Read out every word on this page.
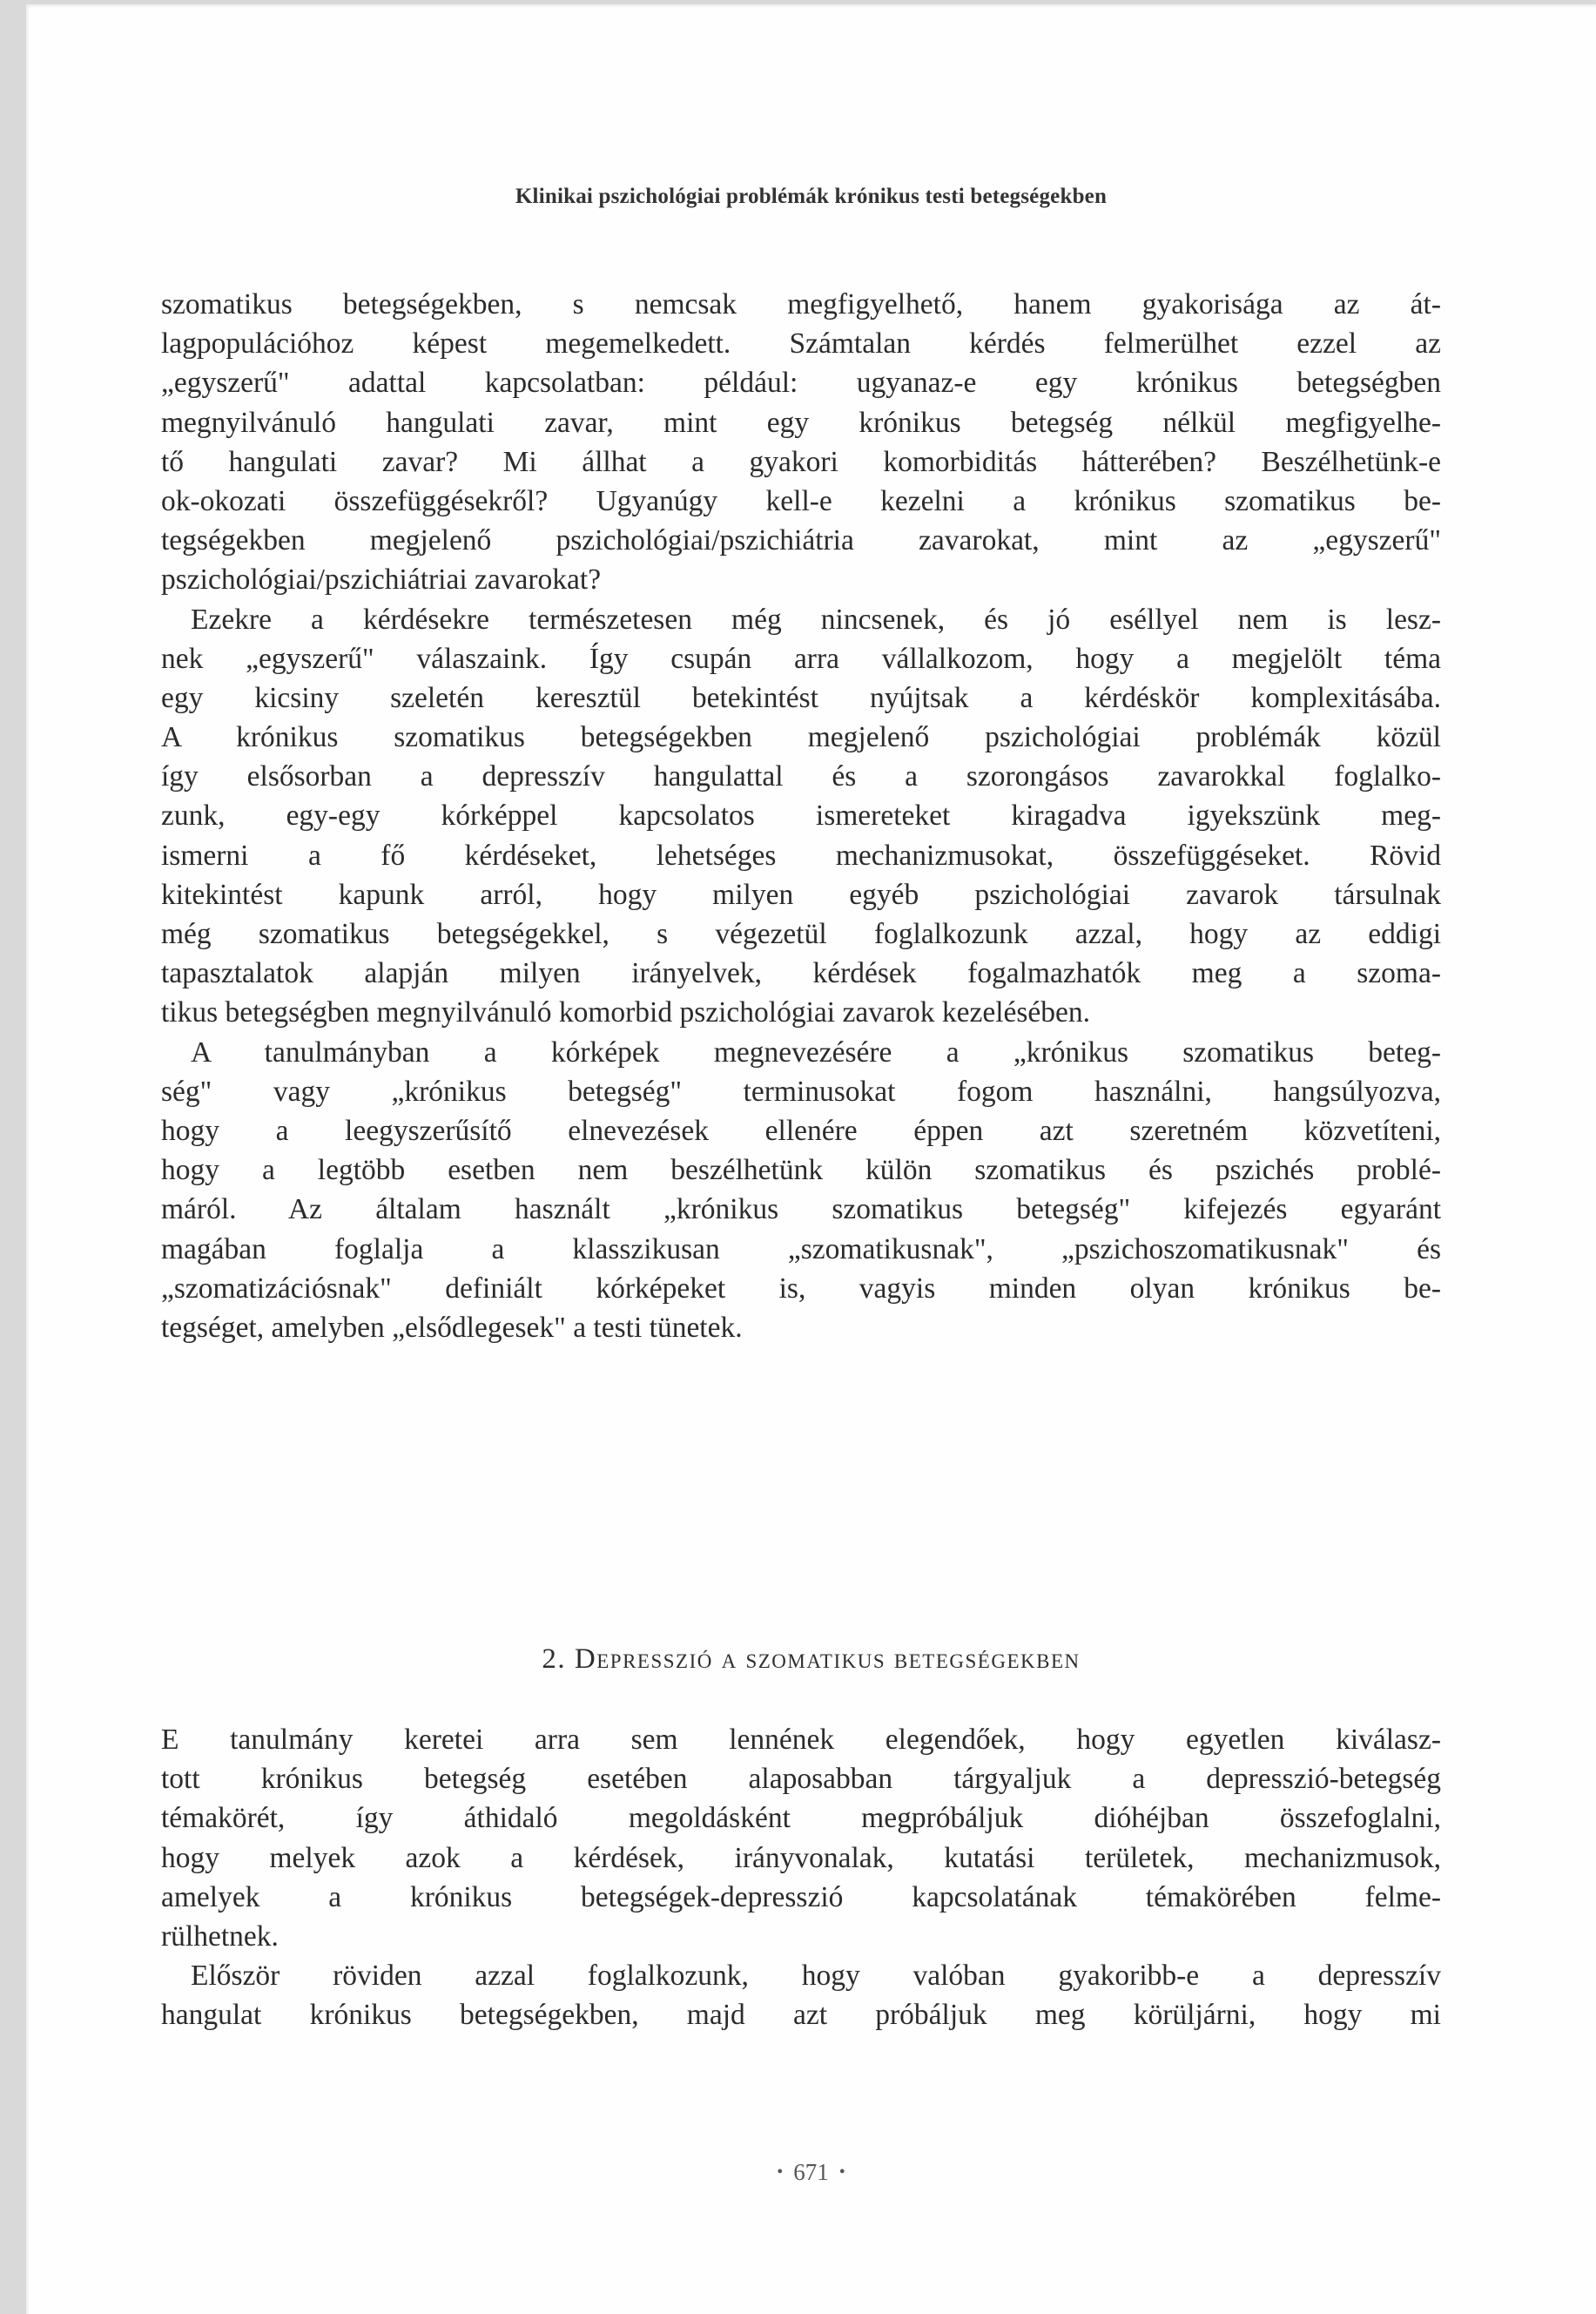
Klinikai pszichológiai problémák krónikus testi betegségekben
szomatikus betegségekben, s nemcsak megfigyelhető, hanem gyakorisága az át-
lagpopulációhoz képest megemelkedett. Számtalan kérdés felmerülhet ezzel az
„egyszerű" adattal kapcsolatban: például: ugyanaz-e egy krónikus betegségben
megnyilvánuló hangulati zavar, mint egy krónikus betegség nélkül megfigyelhe-
tő hangulati zavar? Mi állhat a gyakori komorbiditás hátterében? Beszélhetünk-e
ok-okozati összefüggésekről? Ugyanúgy kell-e kezelni a krónikus szomatikus be-
tegségekben megjelenő pszichológiai/pszichiátria zavarokat, mint az „egyszerű"
pszichológiai/pszichiátriai zavarokat?
Ezekre a kérdésekre természetesen még nincsenek, és jó eséllyel nem is lesz-
nek „egyszerű" válaszaink. Így csupán arra vállalkozom, hogy a megjelölt téma
egy kicsiny szeletén keresztül betekintést nyújtsak a kérdéskör komplexitásába.
A krónikus szomatikus betegségekben megjelenő pszichológiai problémák közül
így elsősorban a depresszív hangulattal és a szorongásos zavarokkal foglalko-
zunk, egy-egy kórképpel kapcsolatos ismereteket kiragadva igyekszünk meg-
ismerni a fő kérdéseket, lehetséges mechanizmusokat, összefüggéseket. Rövid
kitekintést kapunk arról, hogy milyen egyéb pszichológiai zavarok társulnak
még szomatikus betegségekkel, s végezetül foglalkozunk azzal, hogy az eddigi
tapasztalatok alapján milyen irányelvek, kérdések fogalmazhatók meg a szoma-
tikus betegségben megnyilvánuló komorbid pszichológiai zavarok kezelésében.
A tanulmányban a kórképek megnevezésére a „krónikus szomatikus beteg-
ség" vagy „krónikus betegség" terminusokat fogom használni, hangsúlyozva,
hogy a leegyszerűsítő elnevezések ellenére éppen azt szeretném közvetíteni,
hogy a legtöbb esetben nem beszélhetünk külön szomatikus és pszichés problé-
máról. Az általam használt „krónikus szomatikus betegség" kifejezés egyaránt
magában foglalja a klasszikusan „szomatikusnak", „pszichoszomatikusnak" és
„szomatizációsnak" definiált kórképeket is, vagyis minden olyan krónikus be-
tegséget, amelyben „elsődlegesek" a testi tünetek.
2. Depresszió a szomatikus betegségekben
E tanulmány keretei arra sem lennének elegendőek, hogy egyetlen kiválasz-
tott krónikus betegség esetében alaposabban tárgyaljuk a depresszió-betegség
témakörét, így áthidaló megoldásként megpróbáljuk dióhéjban összefoglalni,
hogy melyek azok a kérdések, irányvonalak, kutatási területek, mechanizmusok,
amelyek a krónikus betegségek-depresszió kapcsolatának témakörében felme-
rülhetnek.
Először röviden azzal foglalkozunk, hogy valóban gyakoribb-e a depresszív
hangulat krónikus betegségekben, majd azt próbáljuk meg körüljárni, hogy mi
• 671 •
